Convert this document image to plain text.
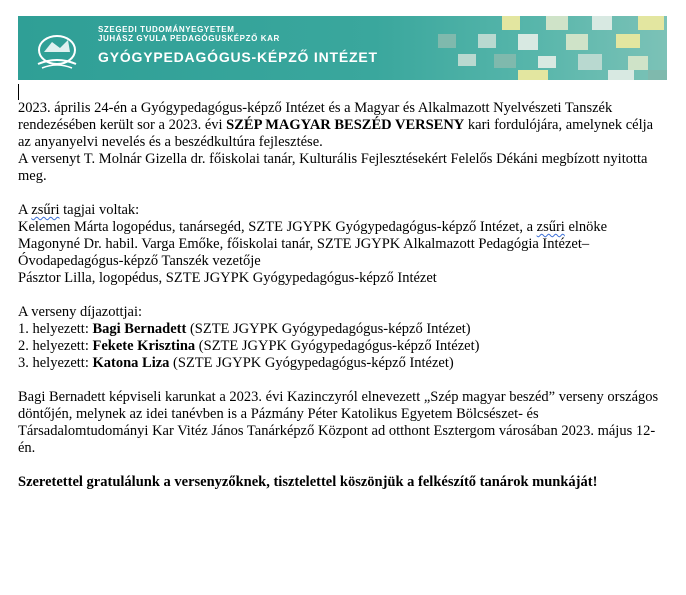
SZEGEDI TUDOMÁNYEGYETEM
JUHÁSZ GYULA PEDAGÓGUSKÉPZŐ KAR
GYÓGYPEDAGÓGUS-KÉPZŐ INTÉZET

2023. április 24-én a Gyógypedagógus-képző Intézet és a Magyar és Alkalmazott Nyelvészeti Tanszék rendezésében került sor a 2023. évi SZÉP MAGYAR BESZÉD VERSENY kari fordulójára, amelynek célja az anyanyelvi nevelés és a beszédkultúra fejlesztése.

A versenyt T. Molnár Gizella dr. főiskolai tanár, Kulturális Fejlesztésekért Felelős Dékáni megbízott nyitotta meg.

A zsűri tagjai voltak:

Kelemen Márta logopédus, tanársegéd, SZTE JGYPK Gyógypedagógus-képző Intézet, a zsűri elnöke

Magonyné Dr. habil. Varga Emőke, főiskolai tanár, SZTE JGYPK Alkalmazott Pedagógia Intézet–Óvodapedagógus-képző Tanszék vezetője

Pásztor Lilla, logopédus, SZTE JGYPK Gyógypedagógus-képző Intézet

A verseny díjazottjai:

1. helyezett: Bagi Bernadett (SZTE JGYPK Gyógypedagógus-képző Intézet)

2. helyezett: Fekete Krisztina (SZTE JGYPK Gyógypedagógus-képző Intézet)

3. helyezett: Katona Liza (SZTE JGYPK Gyógypedagógus-képző Intézet)

Bagi Bernadett képviseli karunkat a 2023. évi Kazinczyról elnevezett „Szép magyar beszéd” verseny országos döntőjén, melynek az idei tanévben is a Pázmány Péter Katolikus Egyetem Bölcsészet- és Társadalomtudományi Kar Vitéz János Tanárképző Központ ad otthont Esztergom városában 2023. május 12-én.

Szeretettel gratulálunk a versenyzőknek, tisztelettel köszönjük a felkészítő tanárok munkáját!
